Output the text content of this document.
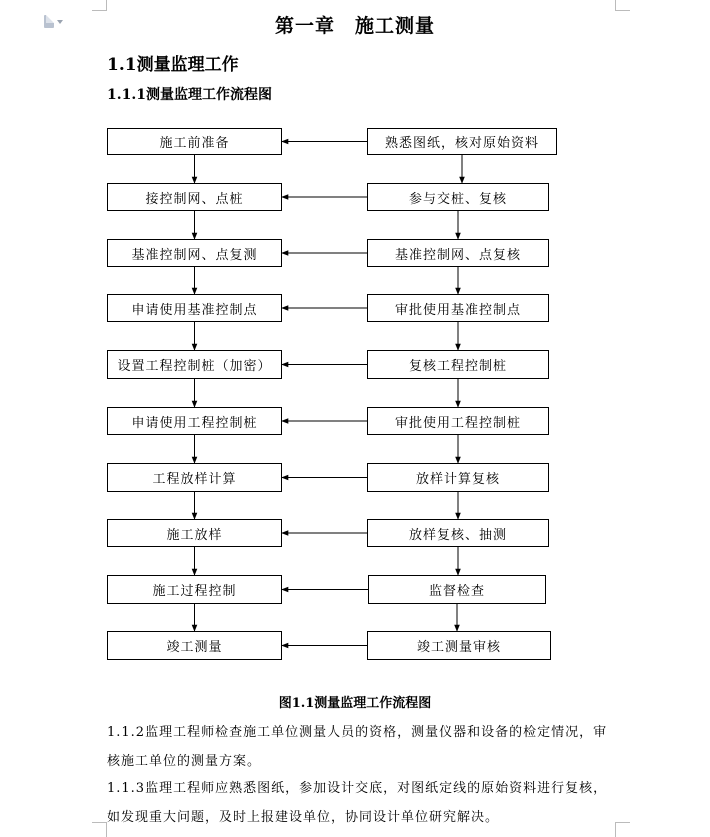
第一章　施工测量
1.1测量监理工作
1.1.1测量监理工作流程图
施工前准备
接控制网、点桩
基准控制网、点复测
申请使用基准控制点
设置工程控制桩（加密）
申请使用工程控制桩
工程放样计算
施工放样
施工过程控制
竣工测量
熟悉图纸，核对原始资料
参与交桩、复核
基准控制网、点复核
审批使用基准控制点
复核工程控制桩
审批使用工程控制桩
放样计算复核
放样复核、抽测
监督检查
竣工测量审核
图1.1测量监理工作流程图
1.1.2监理工程师检查施工单位测量人员的资格，测量仪器和设备的检定情况，审核施工单位的测量方案。
1.1.3监理工程师应熟悉图纸，参加设计交底，对图纸定线的原始资料进行复核，如发现重大问题，及时上报建设单位，协同设计单位研究解决。
